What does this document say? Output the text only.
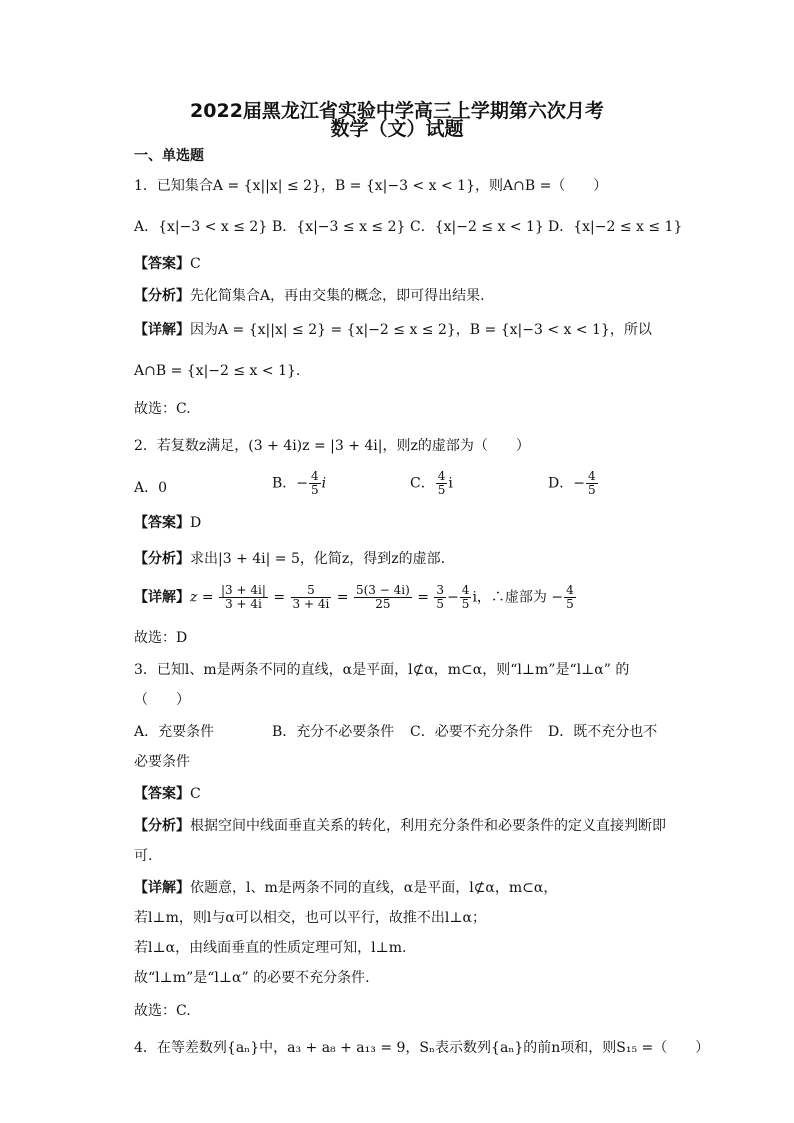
2022届黑龙江省实验中学高三上学期第六次月考
数学（文）试题
一、单选题
1．已知集合A = {x||x| ≤ 2}，B = {x|−3 < x < 1}，则A∩B =（　　）
A．{x|−3 < x ≤ 2} B．{x|−3 ≤ x ≤ 2} C．{x|−2 ≤ x < 1} D．{x|−2 ≤ x ≤ 1}
【答案】C
【分析】先化简集合A，再由交集的概念，即可得出结果.
【详解】因为A = {x||x| ≤ 2} = {x|−2 ≤ x ≤ 2}，B = {x|−3 < x < 1}，所以
A∩B = {x|−2 ≤ x < 1}.
故选：C.
2．若复数z满足，(3 + 4i)z = |3 + 4i|，则z的虚部为（　　）
A．0	B．− $\frac{4}{5}$ i	C． $\frac{4}{5}$ i	D．− $\frac{4}{5}$
【答案】D
【分析】求出|3 + 4i| = 5，化简z，得到z的虚部.
【详解】$z = \frac{|3 + 4i|}{3 + 4i} = \frac{5}{3 + 4i} = \frac{5(3 - 4i)}{25} = \frac{3}{5} - \frac{4}{5}$ i，∴虚部为 − $\frac{4}{5}$
故选：D
3．已知l、m是两条不同的直线，α是平面，l⊄α，m⊂α，则“l⊥m”是“l⊥α” 的
（　　）
A．充要条件	B．充分不必要条件 C．必要不充分条件 D．既不充分也不
必要条件
【答案】C
【分析】根据空间中线面垂直关系的转化，利用充分条件和必要条件的定义直接判断即
可.
【详解】依题意，l、m是两条不同的直线，α是平面，l⊄α，m⊂α，
若l⊥m，则l与α可以相交，也可以平行，故推不出l⊥α；
若l⊥α，由线面垂直的性质定理可知，l⊥m.
故“l⊥m”是“l⊥α” 的必要不充分条件.
故选：C.
4．在等差数列{aₙ}中，a₃ + a₈ + a₁₃ = 9，Sₙ表示数列{aₙ}的前n项和，则S₁₅ =（　　）
